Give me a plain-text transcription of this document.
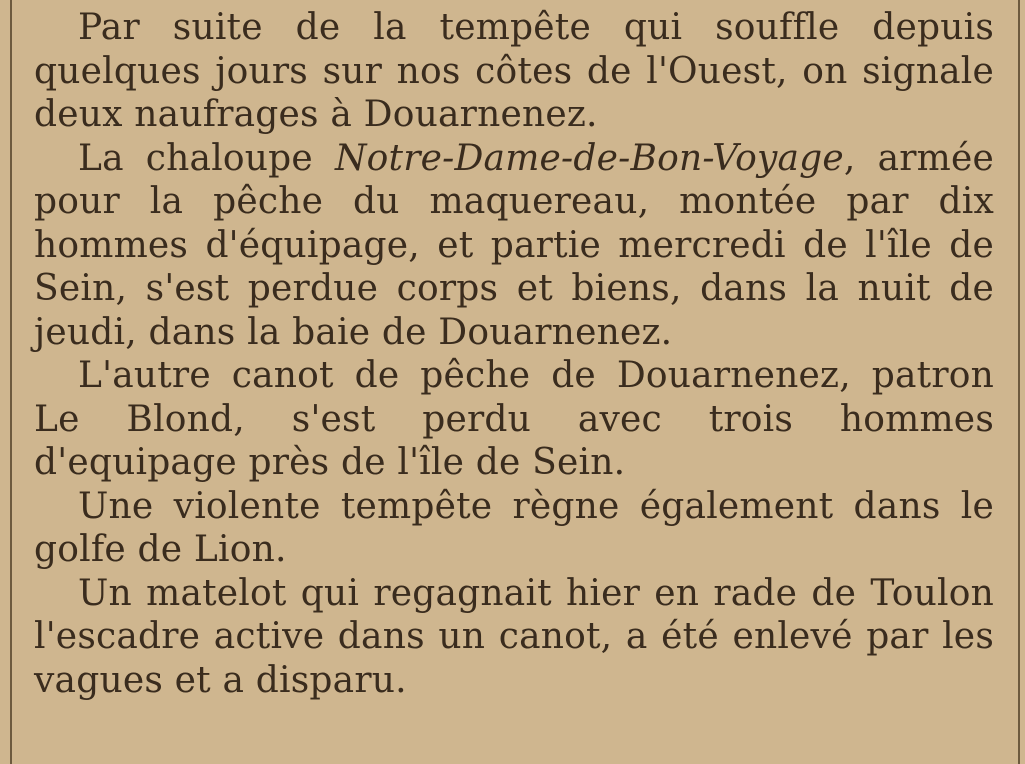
Par suite de la tempête qui souffle depuis quelques jours sur nos côtes de l'Ouest, on signale deux naufrages à Douarnenez.

La chaloupe Notre-Dame-de-Bon-Voyage, armée pour la pêche du maquereau, montée par dix hommes d'équipage, et partie mercredi de l'île de Sein, s'est perdue corps et biens, dans la nuit de jeudi, dans la baie de Douarnenez.

L'autre canot de pêche de Douarnenez, patron Le Blond, s'est perdu avec trois hommes d'equipage près de l'île de Sein.

Une violente tempête règne également dans le golfe de Lion.

Un matelot qui regagnait hier en rade de Toulon l'escadre active dans un canot, a été enlevé par les vagues et a disparu.
